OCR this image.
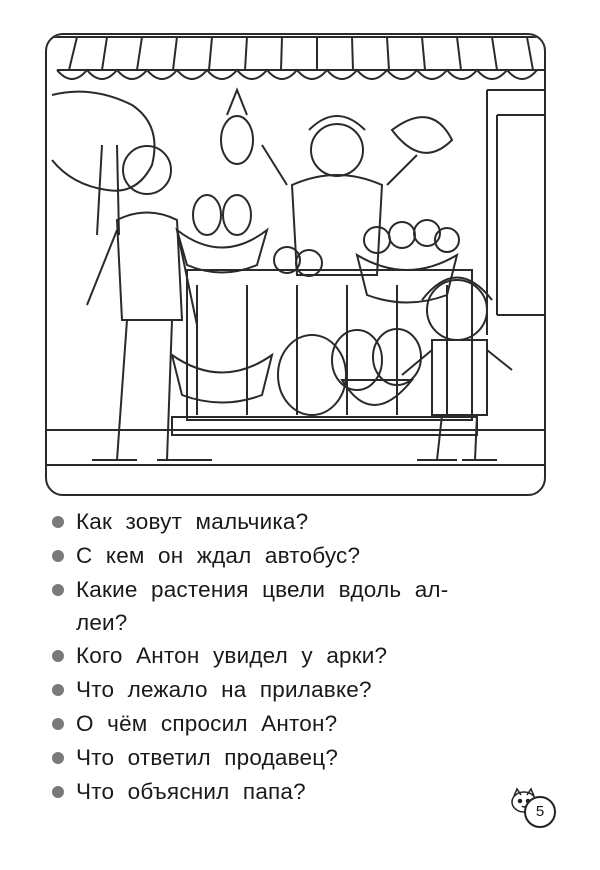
Как зовут мальчика?
С кем он ждал автобус?
Какие растения цвели вдоль ал-
леи?
Кого Антон увидел у арки?
Что лежало на прилавке?
О чём спросил Антон?
Что ответил продавец?
Что объяснил папа?
5
